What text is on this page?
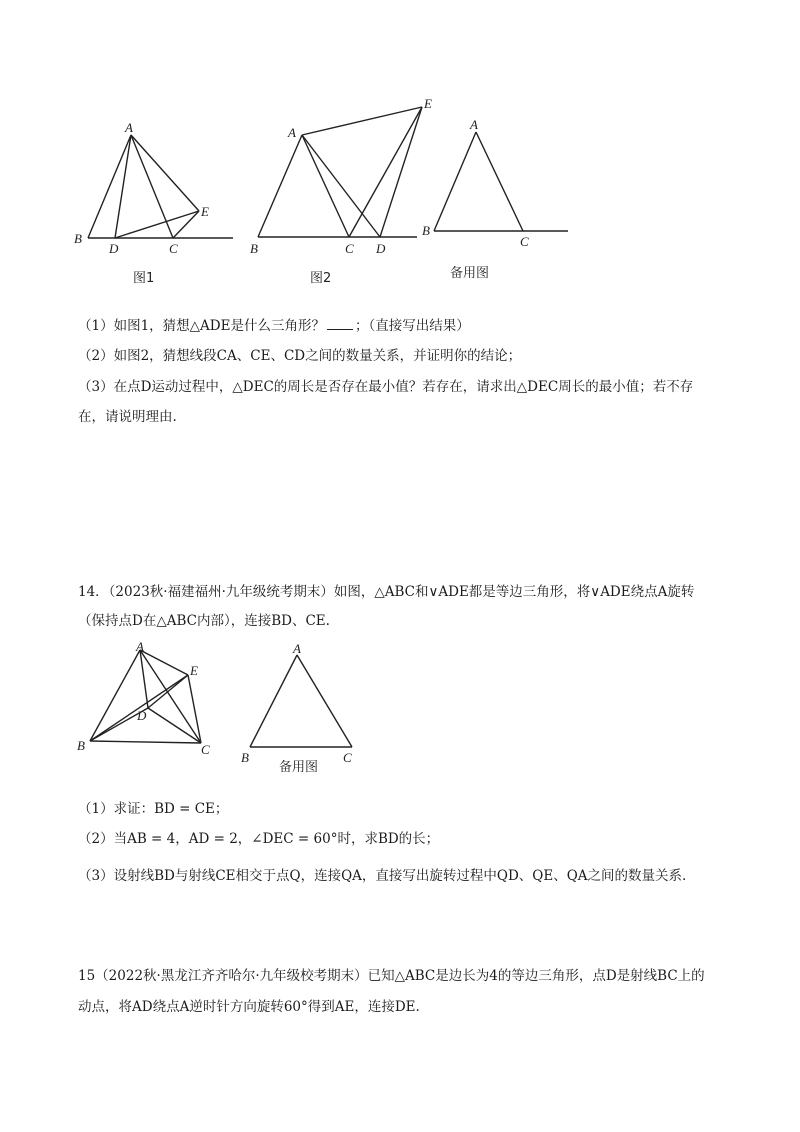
A
B
D	C
E
图1
A
B	C D
E
图2
A
B
C
备用图
（1）如图1，猜想△ADE是什么三角形？ ；（直接写出结果）
（2）如图2，猜想线段CA、CE、CD之间的数量关系，并证明你的结论；
（3）在点D运动过程中，△DEC的周长是否存在最小值？若存在，请求出△DEC周长的最小值；若不存
在，请说明理由.
14．（2023秋·福建福州·九年级统考期末）如图，△ABC和∨ADE都是等边三角形，将∨ADE绕点A旋转
（保持点D在△ABC内部），连接BD、CE.
A
E
D
B	C
A
B	C
备用图
（1）求证：BD = CE；
（2）当AB = 4，AD = 2，∠DEC = 60°时，求BD的长；
（3）设射线BD与射线CE相交于点Q，连接QA，直接写出旋转过程中QD、QE、QA之间的数量关系.
15（2022秋·黑龙江齐齐哈尔·九年级校考期末）已知△ABC是边长为4的等边三角形，点D是射线BC上的
动点，将AD绕点A逆时针方向旋转60°得到AE，连接DE.
